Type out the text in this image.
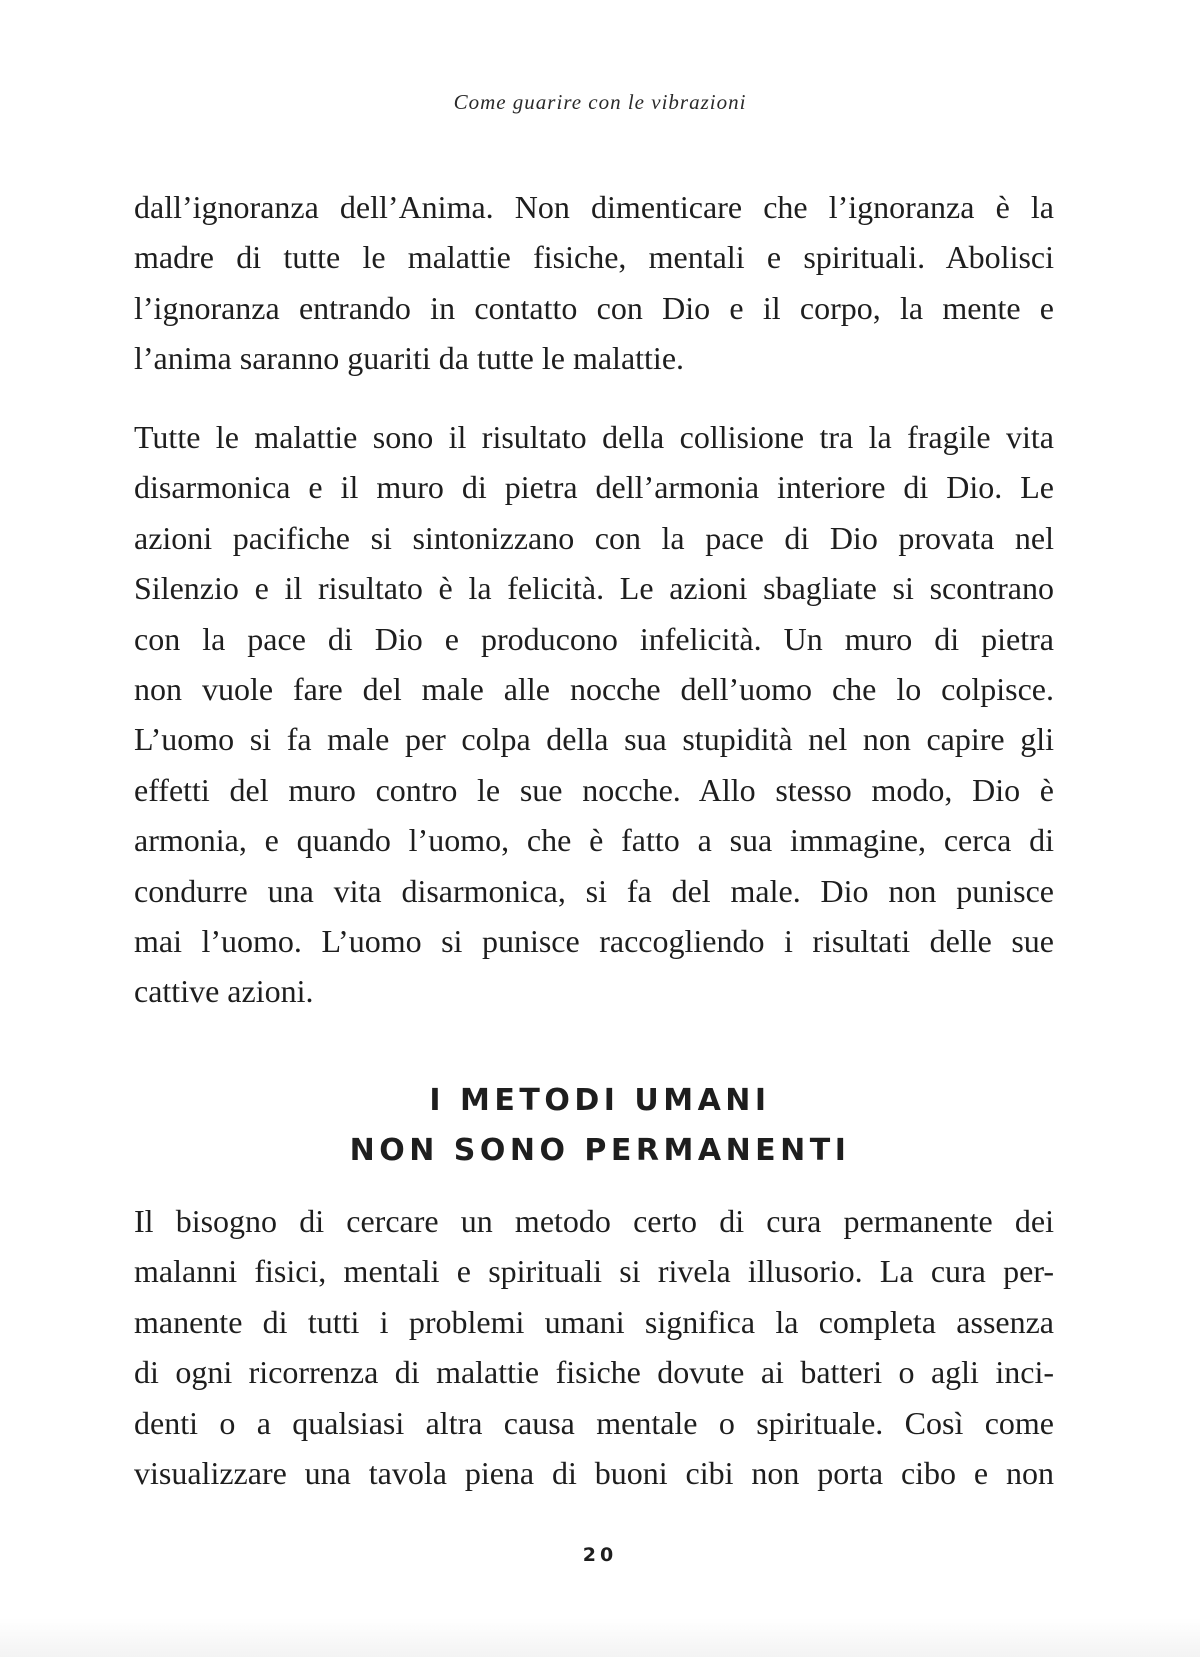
Come guarire con le vibrazioni
dall’ignoranza dell’Anima. Non dimenticare che l’ignoranza è la
madre di tutte le malattie fisiche, mentali e spirituali. Abolisci
l’ignoranza entrando in contatto con Dio e il corpo, la mente e
l’anima saranno guariti da tutte le malattie.
Tutte le malattie sono il risultato della collisione tra la fragile vita
disarmonica e il muro di pietra dell’armonia interiore di Dio. Le
azioni pacifiche si sintonizzano con la pace di Dio provata nel
Silenzio e il risultato è la felicità. Le azioni sbagliate si scontrano
con la pace di Dio e producono infelicità. Un muro di pietra
non vuole fare del male alle nocche dell’uomo che lo colpisce.
L’uomo si fa male per colpa della sua stupidità nel non capire gli
effetti del muro contro le sue nocche. Allo stesso modo, Dio è
armonia, e quando l’uomo, che è fatto a sua immagine, cerca di
condurre una vita disarmonica, si fa del male. Dio non punisce
mai l’uomo. L’uomo si punisce raccogliendo i risultati delle sue
cattive azioni.
I METODI UMANI
NON SONO PERMANENTI
Il bisogno di cercare un metodo certo di cura permanente dei
malanni fisici, mentali e spirituali si rivela illusorio. La cura per-
manente di tutti i problemi umani significa la completa assenza
di ogni ricorrenza di malattie fisiche dovute ai batteri o agli inci-
denti o a qualsiasi altra causa mentale o spirituale. Così come
visualizzare una tavola piena di buoni cibi non porta cibo e non
20
